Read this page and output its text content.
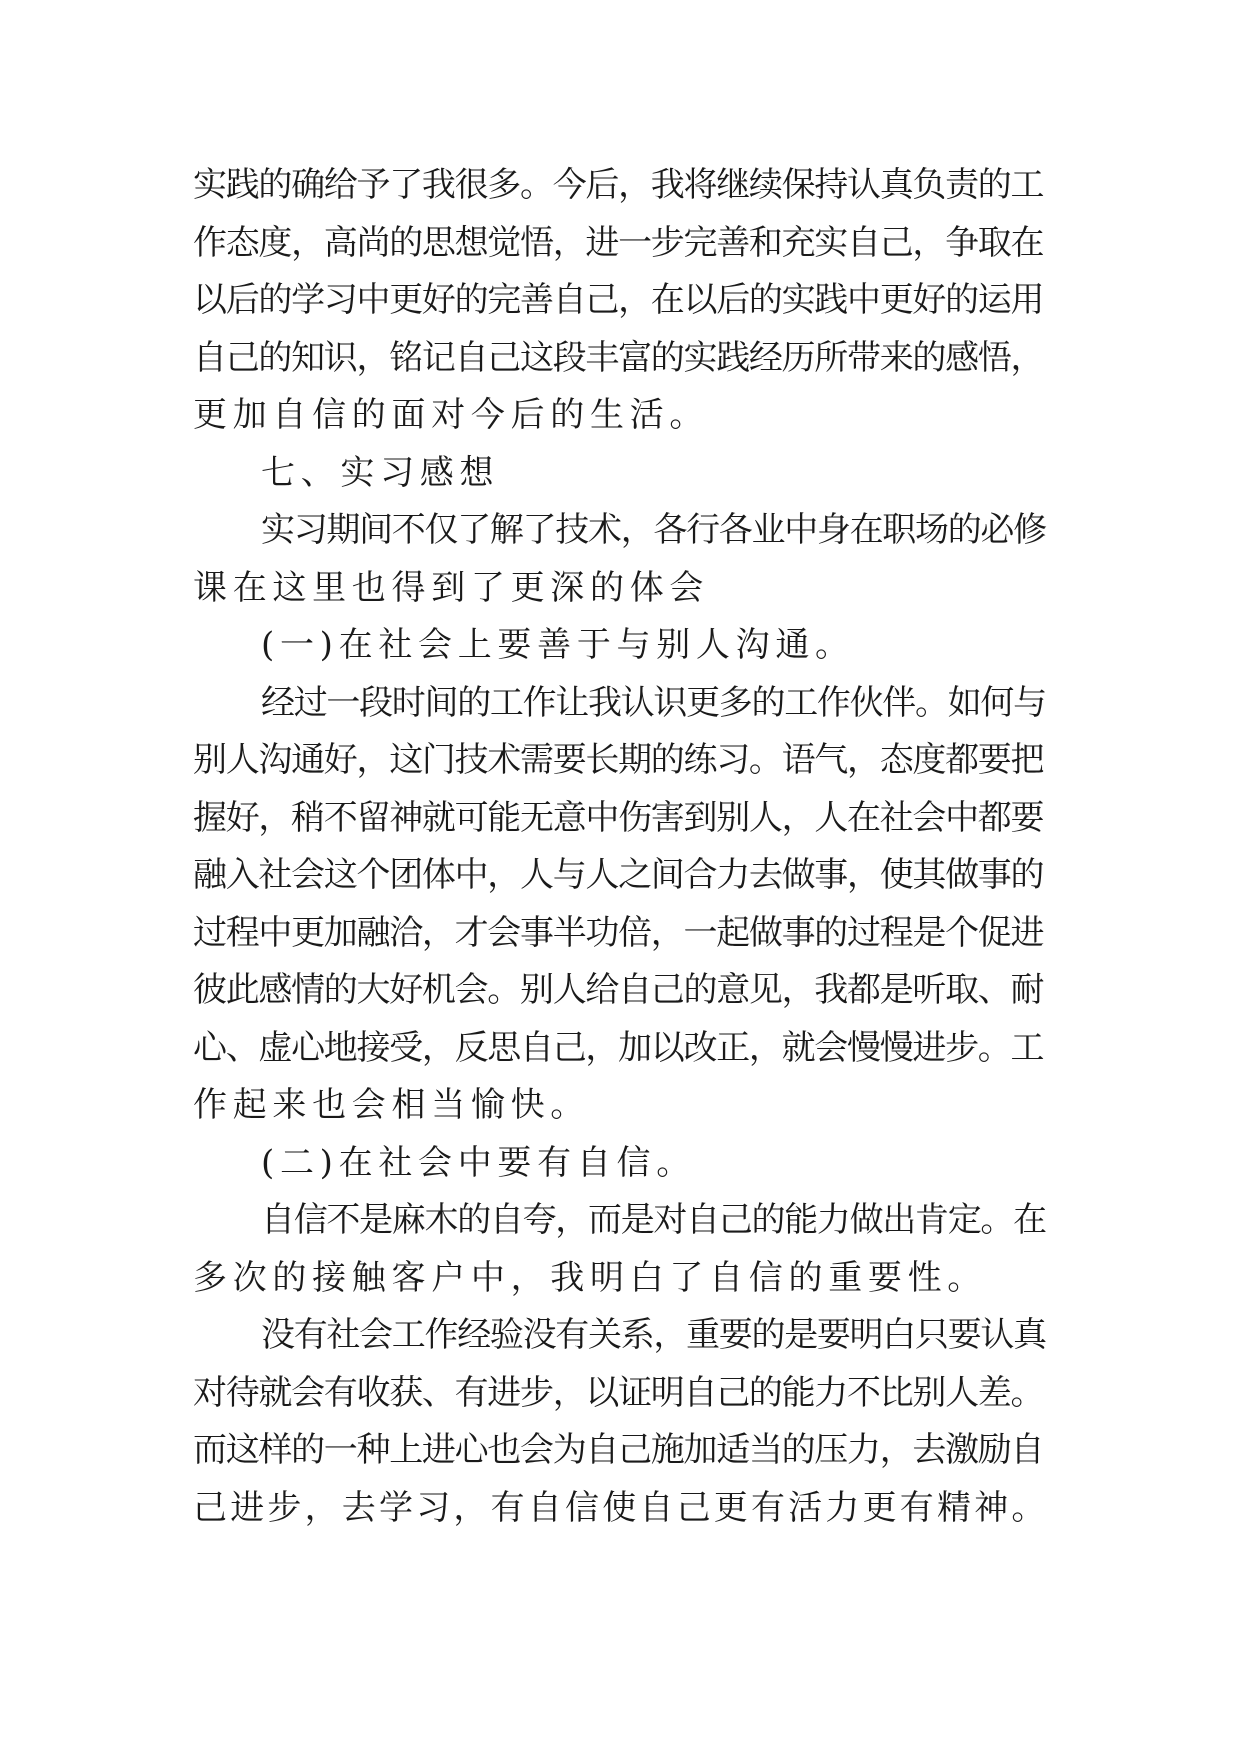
实践的确给予了我很多。今后，我将继续保持认真负责的工
作态度，高尚的思想觉悟，进一步完善和充实自己，争取在
以后的学习中更好的完善自己，在以后的实践中更好的运用
自己的知识，铭记自己这段丰富的实践经历所带来的感悟，
更加自信的面对今后的生活。
七、实习感想
实习期间不仅了解了技术，各行各业中身在职场的必修
课在这里也得到了更深的体会
(一)在社会上要善于与别人沟通。
经过一段时间的工作让我认识更多的工作伙伴。如何与
别人沟通好，这门技术需要长期的练习。语气，态度都要把
握好，稍不留神就可能无意中伤害到别人，人在社会中都要
融入社会这个团体中，人与人之间合力去做事，使其做事的
过程中更加融洽，才会事半功倍，一起做事的过程是个促进
彼此感情的大好机会。别人给自己的意见，我都是听取、耐
心、虚心地接受，反思自己，加以改正，就会慢慢进步。工
作起来也会相当愉快。
(二)在社会中要有自信。
自信不是麻木的自夸，而是对自己的能力做出肯定。在
多次的接触客户中，我明白了自信的重要性。
没有社会工作经验没有关系，重要的是要明白只要认真
对待就会有收获、有进步，以证明自己的能力不比别人差。
而这样的一种上进心也会为自己施加适当的压力，去激励自
己进步，去学习，有自信使自己更有活力更有精神。
